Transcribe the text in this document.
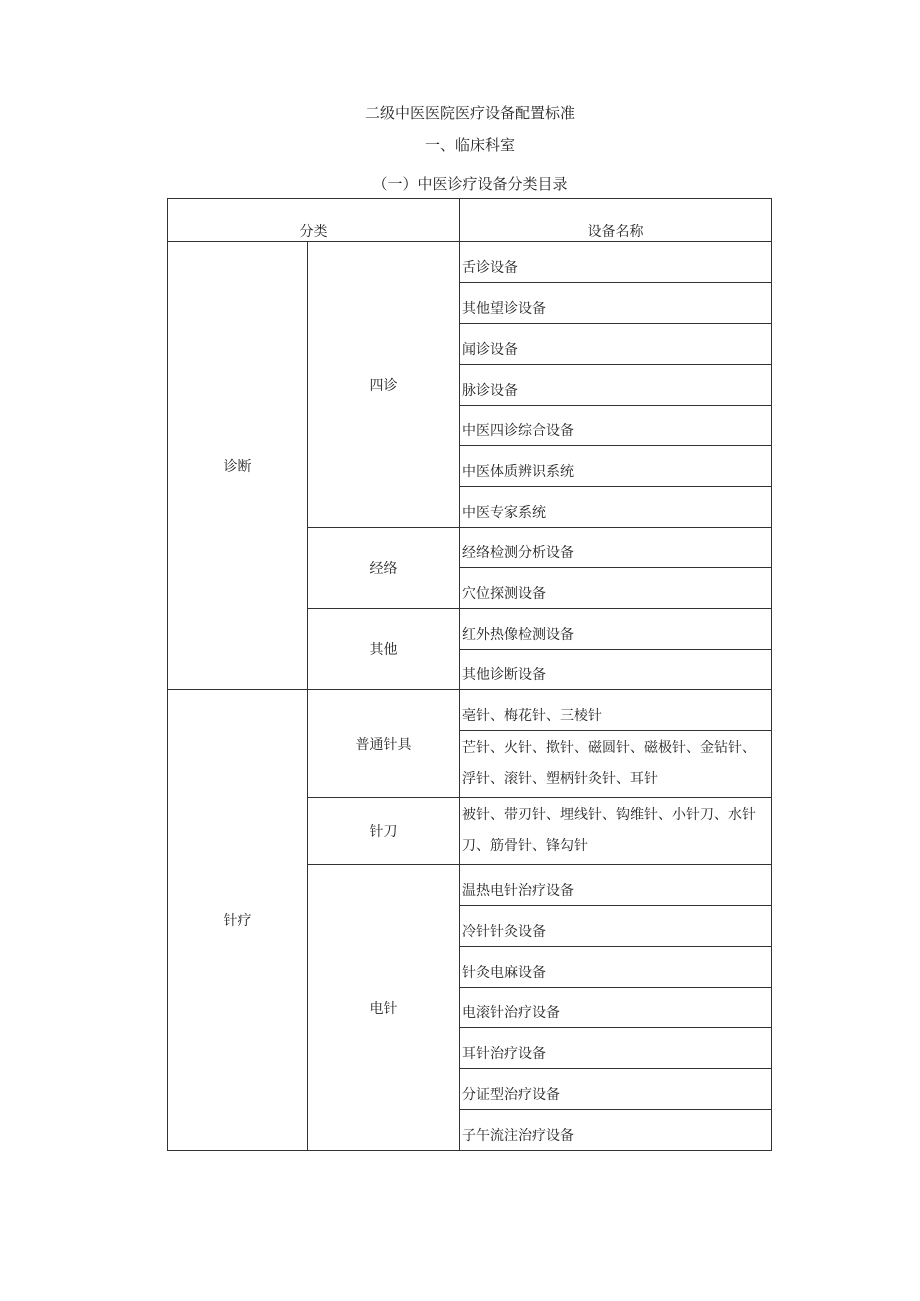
二级中医医院医疗设备配置标准
一、临床科室
（一）中医诊疗设备分类目录
分类		设备名称
诊断	四诊	舌诊设备
		其他望诊设备
		闻诊设备
		脉诊设备
		中医四诊综合设备
		中医体质辨识系统
		中医专家系统
	经络	经络检测分析设备
		穴位探测设备
	其他	红外热像检测设备
		其他诊断设备
针疗	普通针具	亳针、梅花针、三棱针
		芒针、火针、揿针、磁圆针、磁极针、金钻针、浮针、滚针、塑柄针灸针、耳针
	针刀	被针、带刃针、埋线针、钩维针、小针刀、水针刀、筋骨针、锋勾针
	电针	温热电针治疗设备
		冷针针灸设备
		针灸电麻设备
		电滚针治疗设备
		耳针治疗设备
		分证型治疗设备
		子午流注治疗设备
